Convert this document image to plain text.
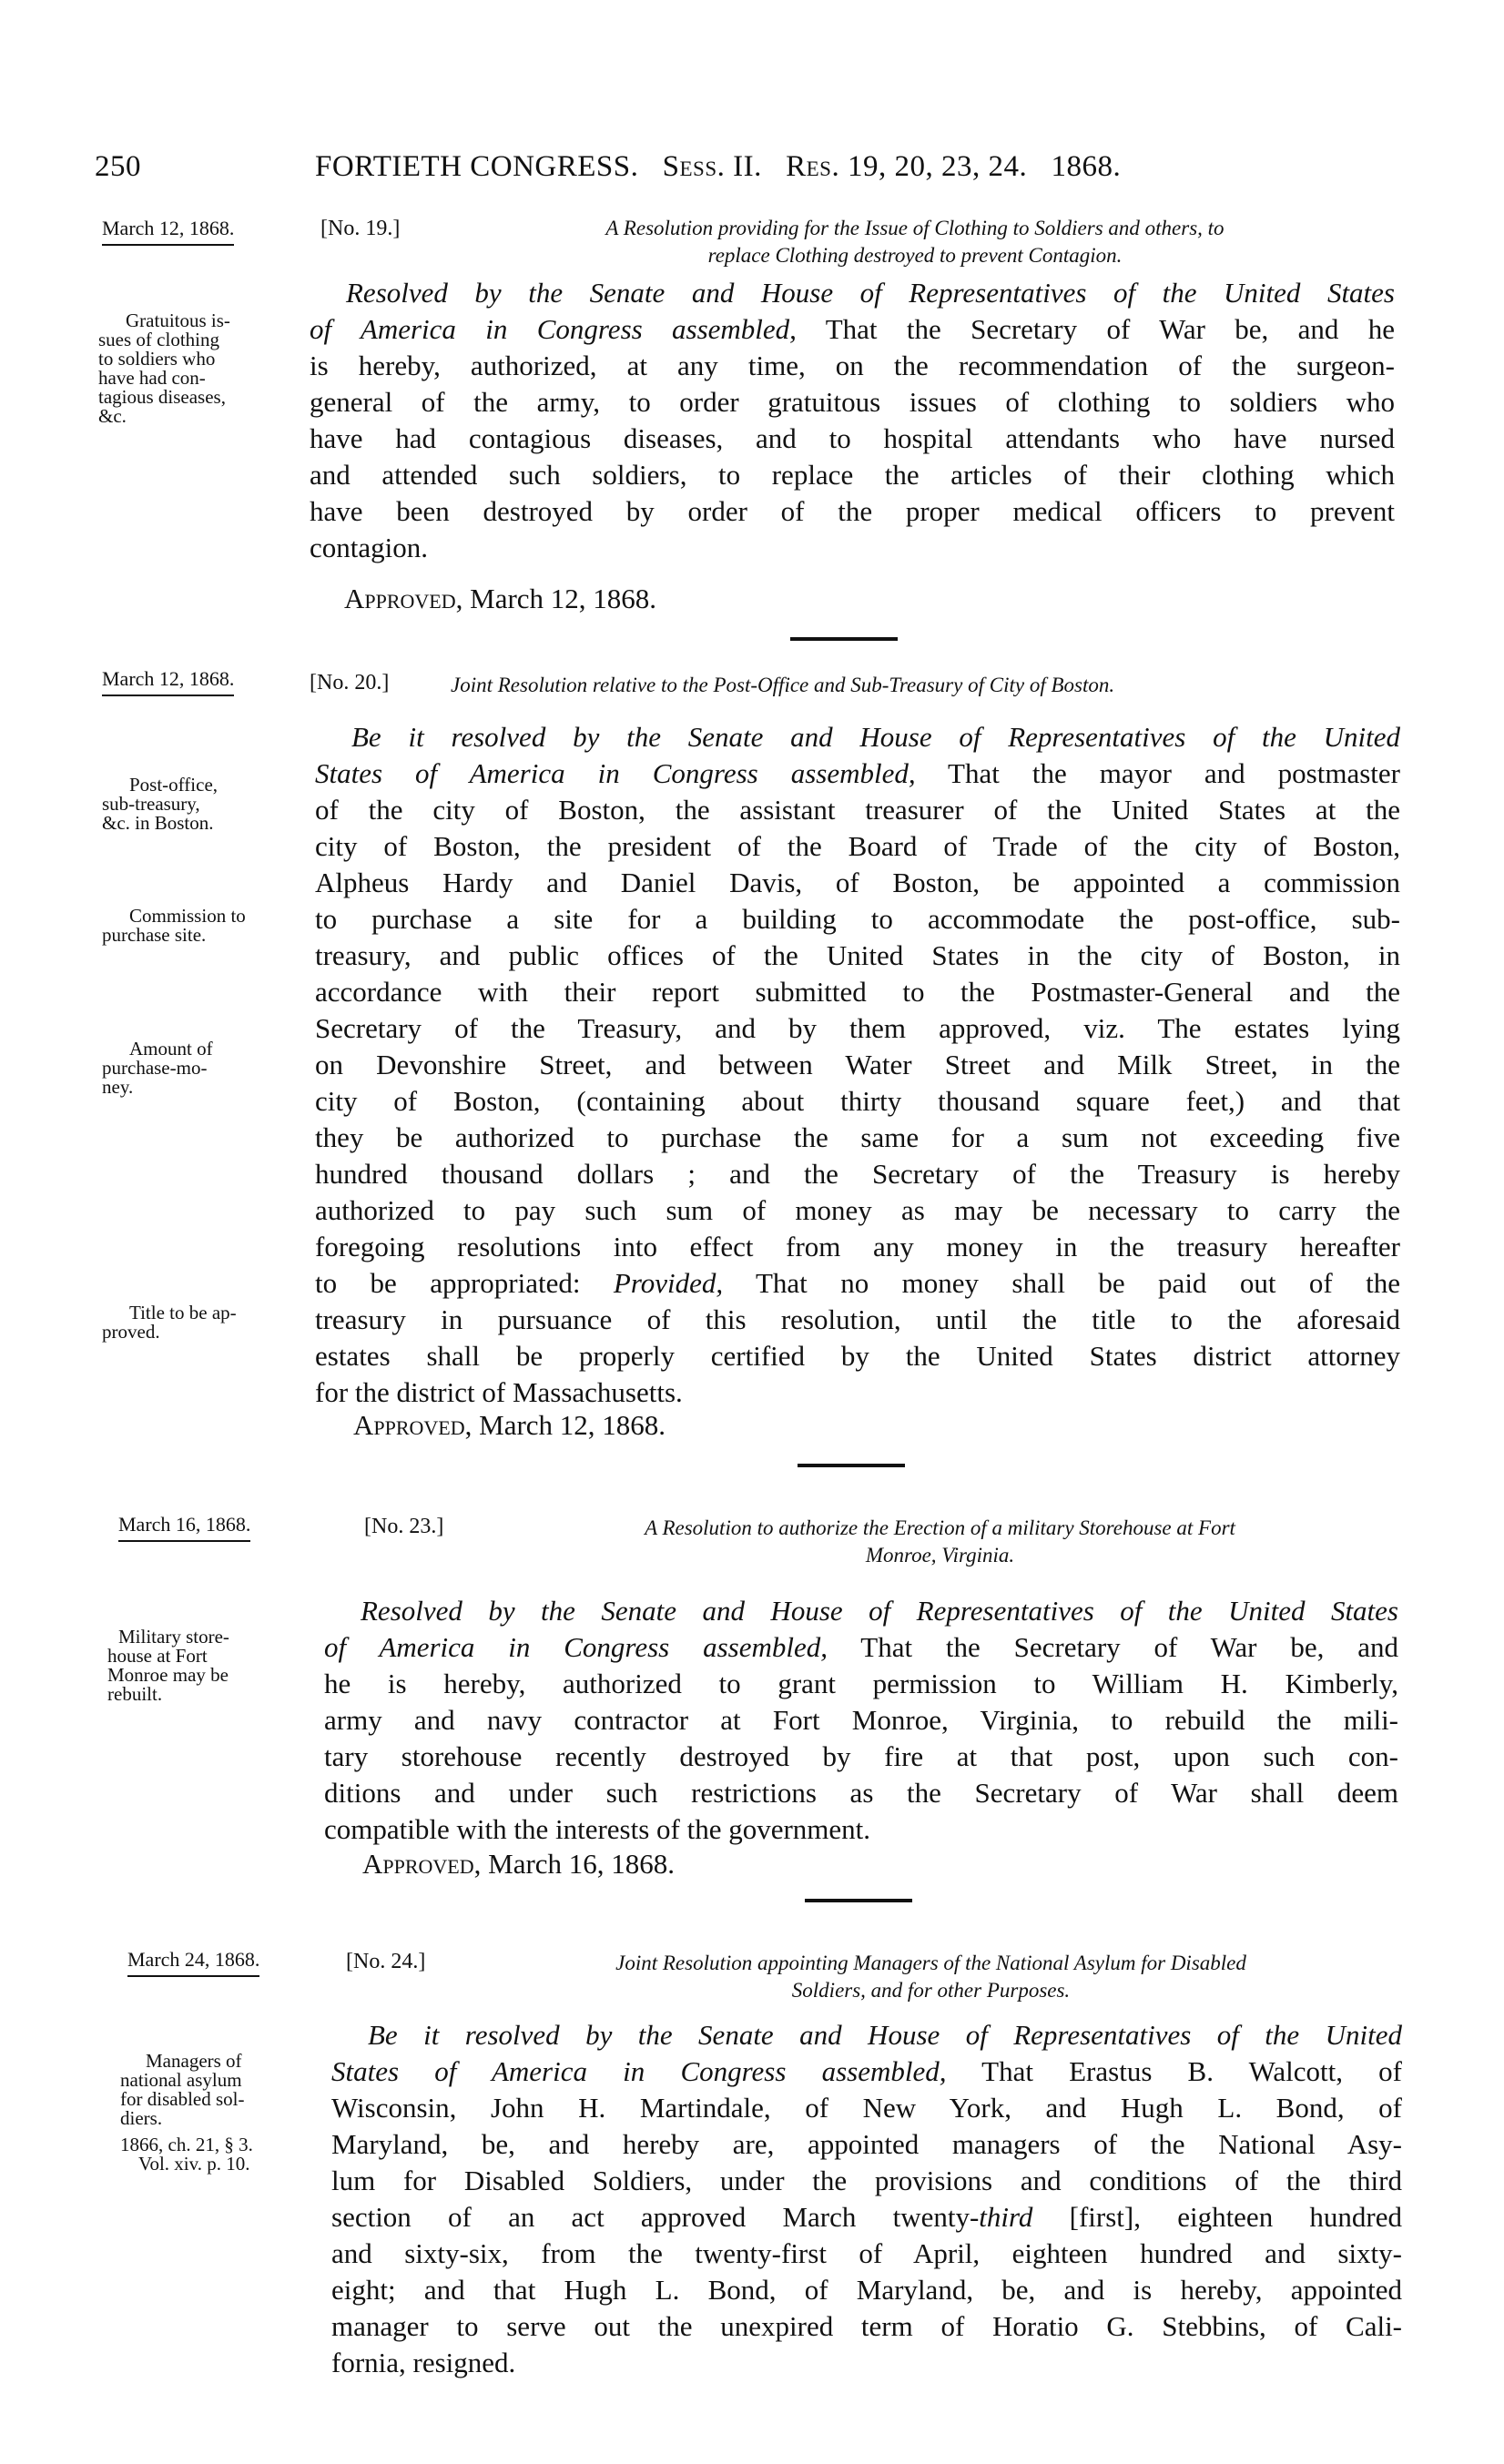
250	FORTIETH CONGRESS. Sess. II. Res. 19, 20, 23, 24. 1868.
March 12, 1868.	[No. 19.]	A Resolution providing for the Issue of Clothing to Soldiers and others, to
replace Clothing destroyed to prevent Contagion.
Gratuitous is-
sues of clothing
to soldiers who
have had con-
tagious diseases,
&c.
Resolved by the Senate and House of Representatives of the United States
of America in Congress assembled, That the Secretary of War be, and he
is hereby, authorized, at any time, on the recommendation of the surgeon-
general of the army, to order gratuitous issues of clothing to soldiers who
have had contagious diseases, and to hospital attendants who have nursed
and attended such soldiers, to replace the articles of their clothing which
have been destroyed by order of the proper medical officers to prevent
contagion.
Approved, March 12, 1868.
March 12, 1868.	[No. 20.]	Joint Resolution relative to the Post-Office and Sub-Treasury of City of Boston.
Post-office,
sub-treasury,
&c. in Boston.
Commission to
purchase site.
Amount of
purchase-mo-
ney.
Title to be ap-
proved.
Be it resolved by the Senate and House of Representatives of the United
States of America in Congress assembled, That the mayor and postmaster
of the city of Boston, the assistant treasurer of the United States at the
city of Boston, the president of the Board of Trade of the city of Boston,
Alpheus Hardy and Daniel Davis, of Boston, be appointed a commission
to purchase a site for a building to accommodate the post-office, sub-
treasury, and public offices of the United States in the city of Boston, in
accordance with their report submitted to the Postmaster-General and the
Secretary of the Treasury, and by them approved, viz. The estates lying
on Devonshire Street, and between Water Street and Milk Street, in the
city of Boston, (containing about thirty thousand square feet,) and that
they be authorized to purchase the same for a sum not exceeding five
hundred thousand dollars ; and the Secretary of the Treasury is hereby
authorized to pay such sum of money as may be necessary to carry the
foregoing resolutions into effect from any money in the treasury hereafter
to be appropriated: Provided, That no money shall be paid out of the
treasury in pursuance of this resolution, until the title to the aforesaid
estates shall be properly certified by the United States district attorney
for the district of Massachusetts.
Approved, March 12, 1868.
March 16, 1868.	[No. 23.]	A Resolution to authorize the Erection of a military Storehouse at Fort
Monroe, Virginia.
Military store-
house at Fort
Monroe may be
rebuilt.
Resolved by the Senate and House of Representatives of the United States
of America in Congress assembled, That the Secretary of War be, and
he is hereby, authorized to grant permission to William H. Kimberly,
army and navy contractor at Fort Monroe, Virginia, to rebuild the mili-
tary storehouse recently destroyed by fire at that post, upon such con-
ditions and under such restrictions as the Secretary of War shall deem
compatible with the interests of the government.
Approved, March 16, 1868.
March 24, 1868.	[No. 24.]	Joint Resolution appointing Managers of the National Asylum for Disabled
Soldiers, and for other Purposes.
Managers of
national asylum
for disabled sol-
diers.
1866, ch. 21, § 3.
Vol. xiv. p. 10.
Be it resolved by the Senate and House of Representatives of the United
States of America in Congress assembled, That Erastus B. Walcott, of
Wisconsin, John H. Martindale, of New York, and Hugh L. Bond, of
Maryland, be, and hereby are, appointed managers of the National Asy-
lum for Disabled Soldiers, under the provisions and conditions of the third
section of an act approved March twenty-third [first], eighteen hundred
and sixty-six, from the twenty-first of April, eighteen hundred and sixty-
eight; and that Hugh L. Bond, of Maryland, be, and is hereby, appointed
manager to serve out the unexpired term of Horatio G. Stebbins, of Cali-
fornia, resigned.
